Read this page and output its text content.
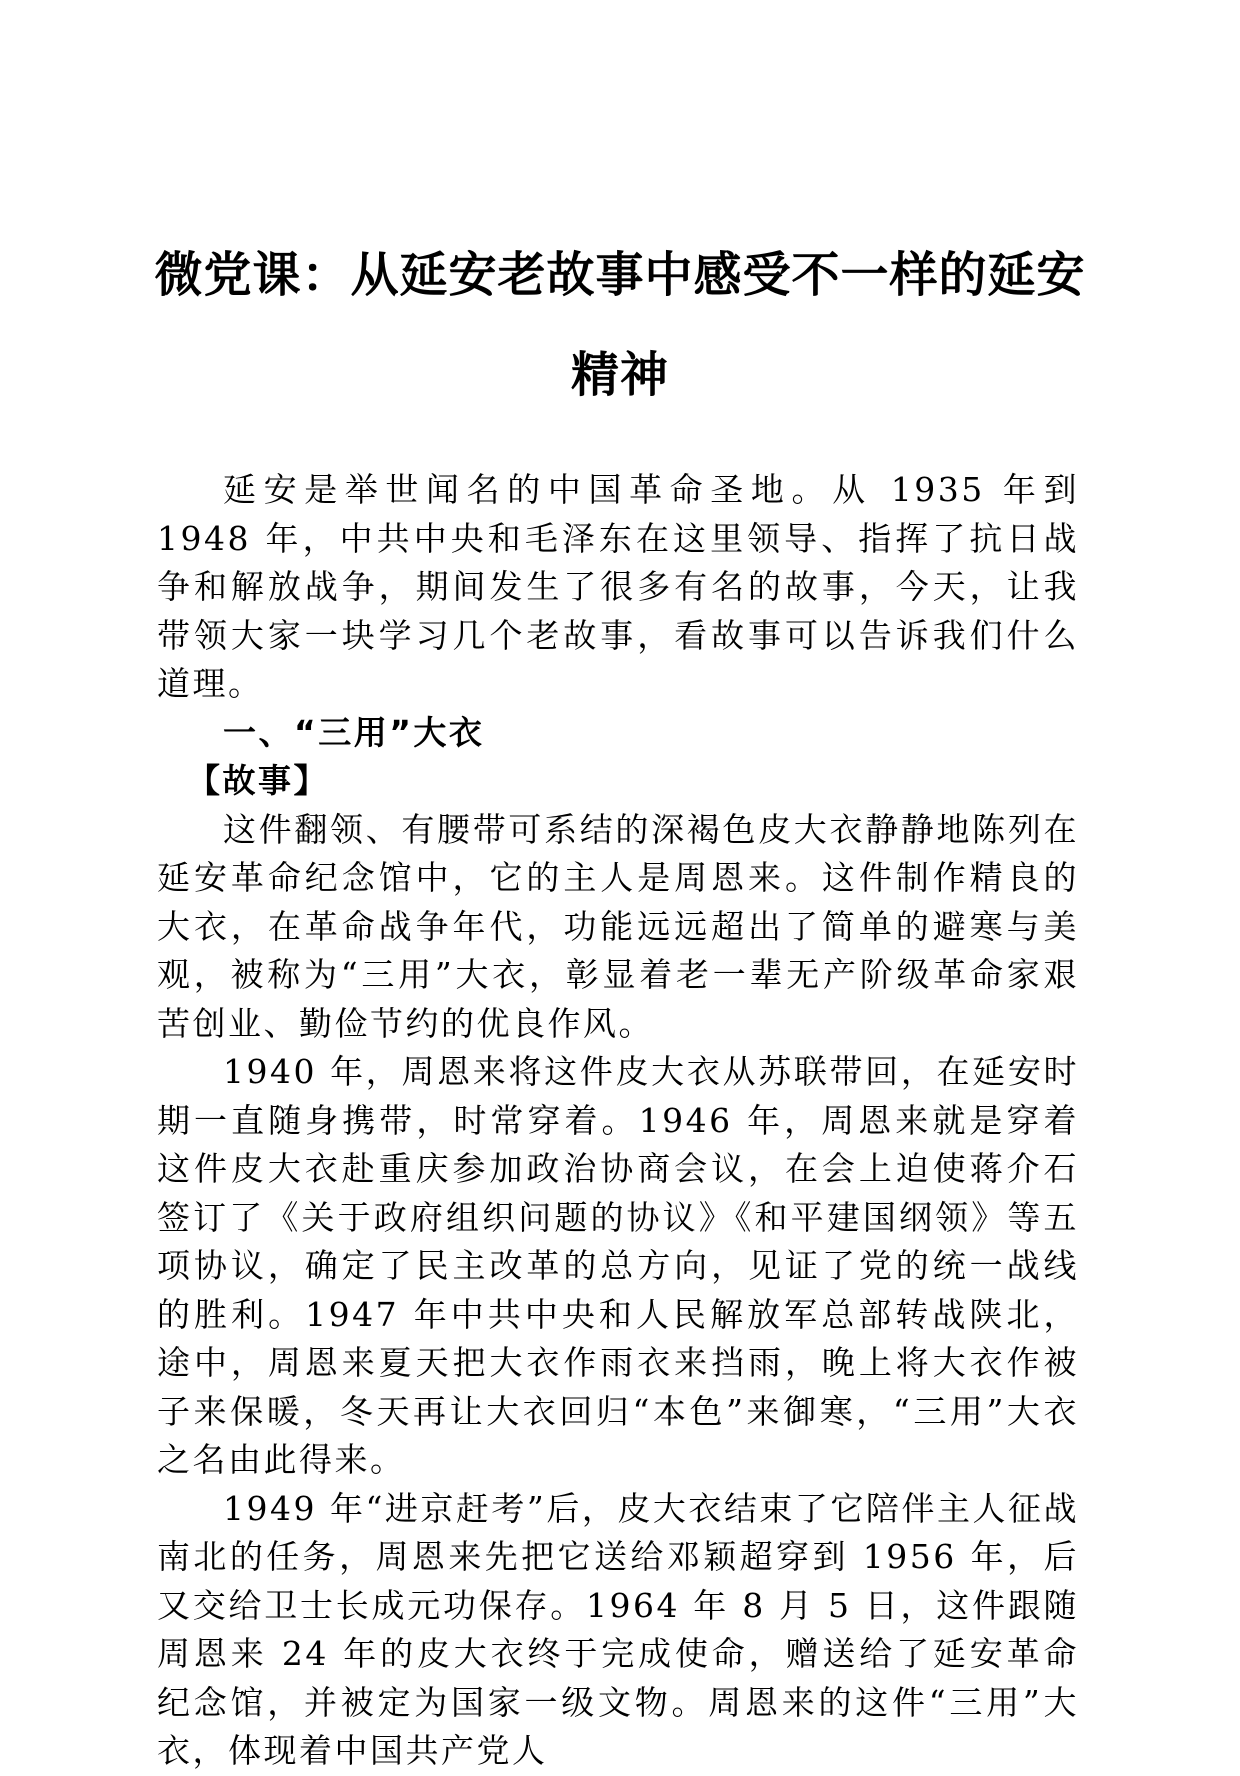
微党课：从延安老故事中感受不一样的延安精神

延安是举世闻名的中国革命圣地。从 1935 年到 1948 年，中共中央和毛泽东在这里领导、指挥了抗日战争和解放战争，期间发生了很多有名的故事，今天，让我带领大家一块学习几个老故事，看故事可以告诉我们什么道理。

一、“三用”大衣

【故事】

这件翻领、有腰带可系结的深褐色皮大衣静静地陈列在延安革命纪念馆中，它的主人是周恩来。这件制作精良的大衣，在革命战争年代，功能远远超出了简单的避寒与美观，被称为“三用”大衣，彰显着老一辈无产阶级革命家艰苦创业、勤俭节约的优良作风。

1940 年，周恩来将这件皮大衣从苏联带回，在延安时期一直随身携带，时常穿着。1946 年，周恩来就是穿着这件皮大衣赴重庆参加政治协商会议，在会上迫使蒋介石签订了《关于政府组织问题的协议》《和平建国纲领》等五项协议，确定了民主改革的总方向，见证了党的统一战线的胜利。1947 年中共中央和人民解放军总部转战陕北，途中，周恩来夏天把大衣作雨衣来挡雨，晚上将大衣作被子来保暖，冬天再让大衣回归“本色”来御寒，“三用”大衣之名由此得来。

1949 年“进京赶考”后，皮大衣结束了它陪伴主人征战南北的任务，周恩来先把它送给邓颖超穿到 1956 年，后又交给卫士长成元功保存。1964 年 8 月 5 日，这件跟随周恩来 24 年的皮大衣终于完成使命，赠送给了延安革命纪念馆，并被定为国家一级文物。周恩来的这件“三用”大衣，体现着中国共产党人
